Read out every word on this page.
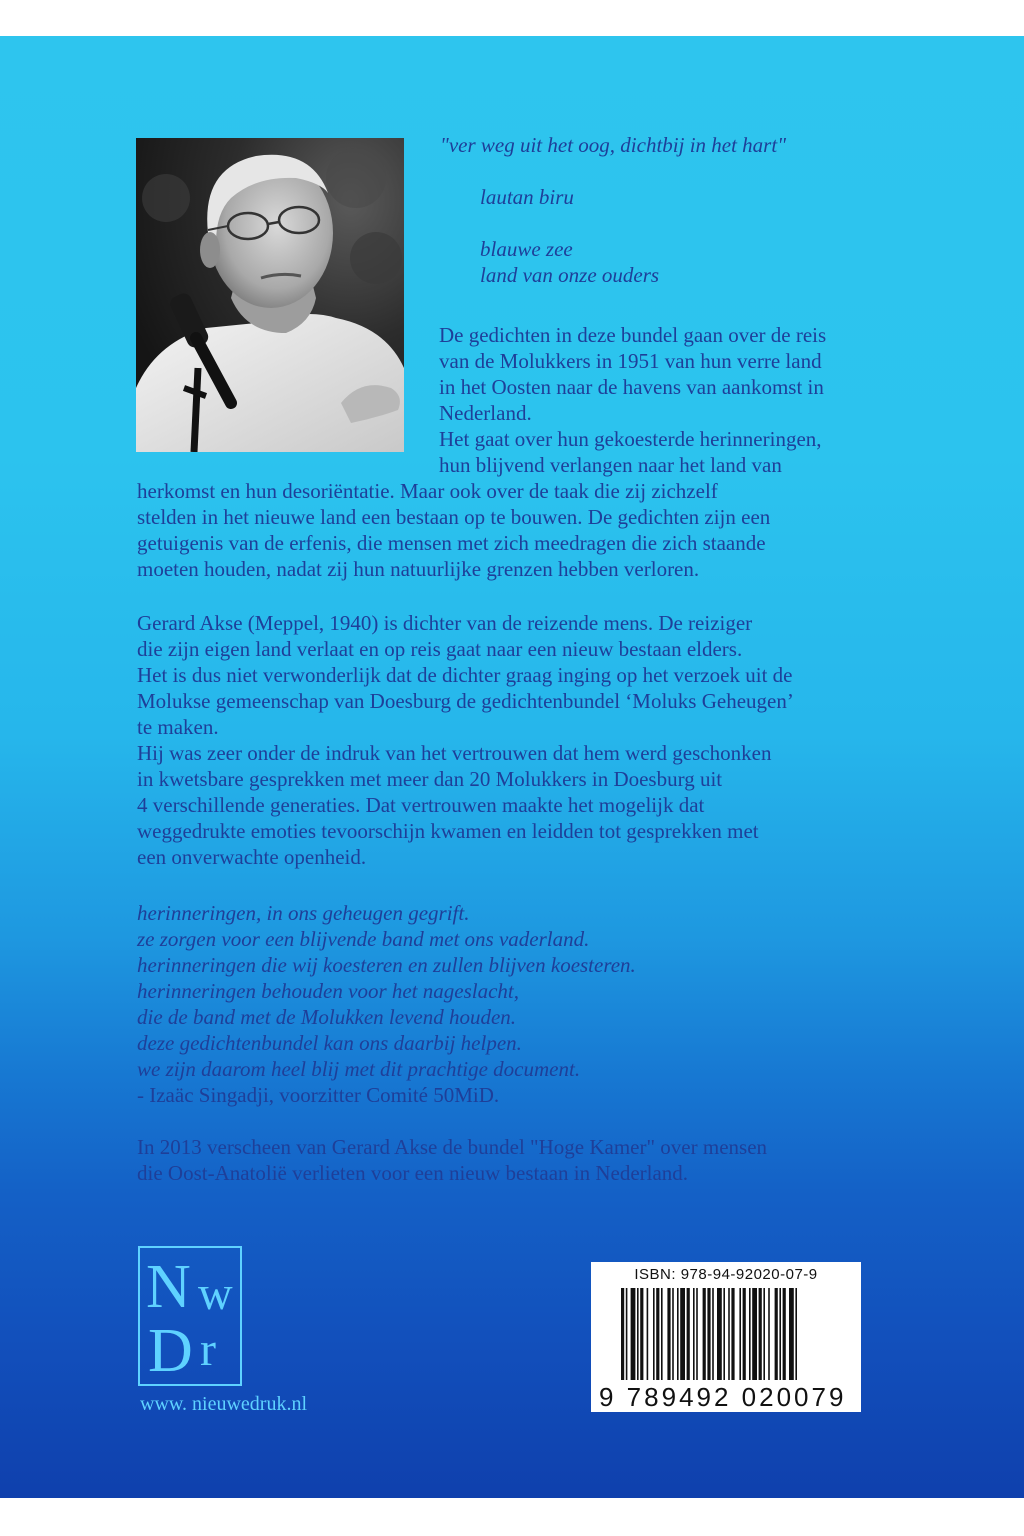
"ver weg uit het oog, dichtbij in het hart"
lautan biru
blauwe zee
land van onze ouders

De gedichten in deze bundel gaan over de reis
van de Molukkers in 1951 van hun verre land
in het Oosten naar de havens van aankomst in
Nederland.
Het gaat over hun gekoesterde herinneringen,
hun blijvend verlangen naar het land van

herkomst en hun desoriëntatie. Maar ook over de taak die zij zichzelf
stelden in het nieuwe land een bestaan op te bouwen. De gedichten zijn een
getuigenis van de erfenis, die mensen met zich meedragen die zich staande
moeten houden, nadat zij hun natuurlijke grenzen hebben verloren.

Gerard Akse (Meppel, 1940) is dichter van de reizende mens. De reiziger
die zijn eigen land verlaat en op reis gaat naar een nieuw bestaan elders.
Het is dus niet verwonderlijk dat de dichter graag inging op het verzoek uit de
Molukse gemeenschap van Doesburg de gedichtenbundel ‘Moluks Geheugen’
te maken.
Hij was zeer onder de indruk van het vertrouwen dat hem werd geschonken
in kwetsbare gesprekken met meer dan 20 Molukkers in Doesburg uit
4 verschillende generaties. Dat vertrouwen maakte het mogelijk dat
weggedrukte emoties tevoorschijn kwamen en leidden tot gesprekken met
een onverwachte openheid.

herinneringen, in ons geheugen gegrift.
ze zorgen voor een blijvende band met ons vaderland.
herinneringen die wij koesteren en zullen blijven koesteren.
herinneringen behouden voor het nageslacht,
die de band met de Molukken levend houden.
deze gedichtenbundel kan ons daarbij helpen.
we zijn daarom heel blij met dit prachtige document.

- Izaäc Singadji, voorzitter Comité 50MiD.

In 2013 verscheen van Gerard Akse de bundel "Hoge Kamer" over mensen
die Oost-Anatolië verlieten voor een nieuw bestaan in Nederland.

N w
D r
www. nieuwedruk.nl
ISBN: 978-94-92020-07-9
9 789492 020079
